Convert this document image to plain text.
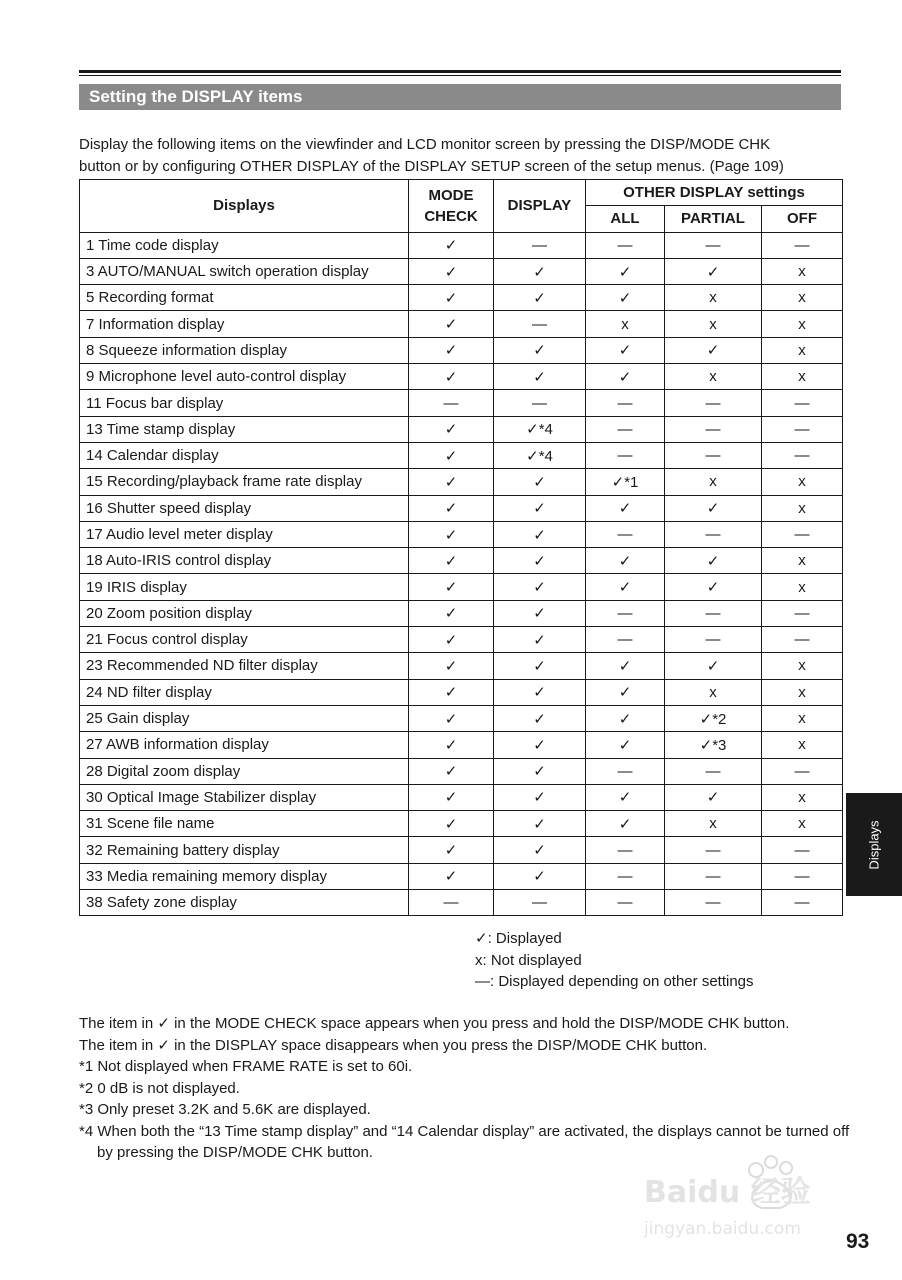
Setting the DISPLAY items
Display the following items on the viewfinder and LCD monitor screen by pressing the DISP/MODE CHK
button or by configuring OTHER DISPLAY of the DISPLAY SETUP screen of the setup menus. (Page 109)
Displays	MODE CHECK	DISPLAY	OTHER DISPLAY settings		
			ALL	PARTIAL	OFF
1 Time code display	✓	—	—	—	—
3 AUTO/MANUAL switch operation display	✓	✓	✓	✓	x
5 Recording format	✓	✓	✓	x	x
7 Information display	✓	—	x	x	x
8 Squeeze information display	✓	✓	✓	✓	x
9 Microphone level auto-control display	✓	✓	✓	x	x
11 Focus bar display	—	—	—	—	—
13 Time stamp display	✓	✓*4	—	—	—
14 Calendar display	✓	✓*4	—	—	—
15 Recording/playback frame rate display	✓	✓	✓*1	x	x
16 Shutter speed display	✓	✓	✓	✓	x
17 Audio level meter display	✓	✓	—	—	—
18 Auto-IRIS control display	✓	✓	✓	✓	x
19 IRIS display	✓	✓	✓	✓	x
20 Zoom position display	✓	✓	—	—	—
21 Focus control display	✓	✓	—	—	—
23 Recommended ND filter display	✓	✓	✓	✓	x
24 ND filter display	✓	✓	✓	x	x
25 Gain display	✓	✓	✓	✓*2	x
27 AWB information display	✓	✓	✓	✓*3	x
28 Digital zoom display	✓	✓	—	—	—
30 Optical Image Stabilizer display	✓	✓	✓	✓	x
31 Scene file name	✓	✓	✓	x	x
32 Remaining battery display	✓	✓	—	—	—
33 Media remaining memory display	✓	✓	—	—	—
38 Safety zone display	—	—	—	—	—
✓: Displayed
x: Not displayed
—: Displayed depending on other settings
The item in ✓ in the MODE CHECK space appears when you press and hold the DISP/MODE CHK button.
The item in ✓ in the DISPLAY space disappears when you press the DISP/MODE CHK button.
*1 Not displayed when FRAME RATE is set to 60i.
*2 0 dB is not displayed.
*3 Only preset 3.2K and 5.6K are displayed.
*4 When both the “13 Time stamp display” and “14 Calendar display” are activated, the displays cannot be turned off by pressing the DISP/MODE CHK button.
Displays
Baidu 经验
jingyan.baidu.com
93
